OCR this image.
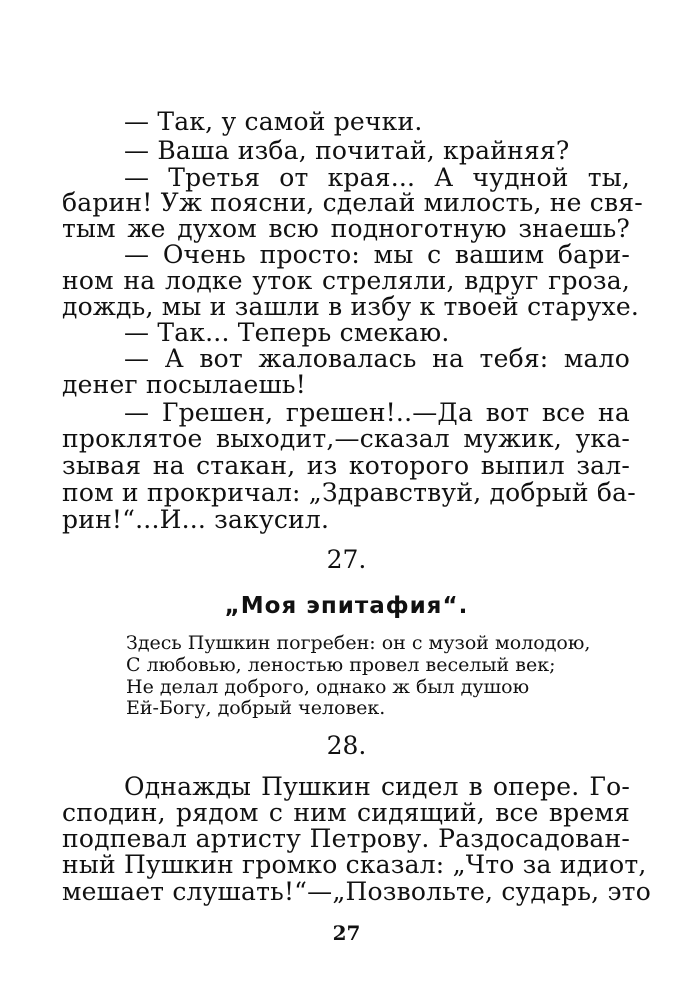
— Так, у самой речки.
— Ваша изба, почитай, крайняя?
— Третья от края... А чудной ты,
барин! Уж поясни, сделай милость, не свя-
тым же духом всю подноготную знаешь?
— Очень просто: мы с вашим бари-
ном на лодке уток стреляли, вдруг гроза,
дождь, мы и зашли в избу к твоей старухе.
— Так... Теперь смекаю.
— А вот жаловалась на тебя: мало
денег посылаешь!
— Грешен, грешен!..—Да вот все на
проклятое выходит,—сказал мужик, ука-
зывая на стакан, из которого выпил зал-
пом и прокричал: „Здравствуй, добрый ба-
рин!“...И... закусил.
27.
„Моя эпитафия“.
Здесь Пушкин погребен: он с музой молодою,
С любовью, леностью провел веселый век;
Не делал доброго, однако ж был душою
Ей-Богу, добрый человек.
28.
Однажды Пушкин сидел в опере. Го-
сподин, рядом с ним сидящий, все время
подпевал артисту Петрову. Раздосадован-
ный Пушкин громко сказал: „Что за идиот,
мешает слушать!“—„Позвольте, сударь, это
27
